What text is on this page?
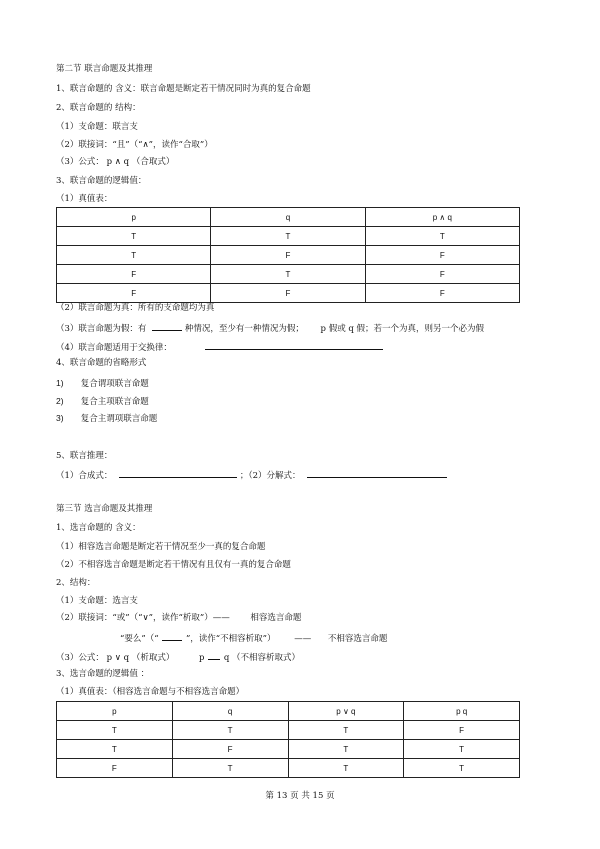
第二节 联言命题及其推理
1、联言命题的 含义：联言命题是断定若干情况同时为真的复合命题
2、联言命题的 结构：
（1）支命题：联言支
（2）联接词：“且”（“∧”，读作“合取”）
（3）公式： p ∧ q （合取式）
3、联言命题的逻辑值：
（1）真值表：
p	q	p ∧ q
T	T	T
T	F	F
F	T	F
F	F	F
（2）联言命题为真：所有的支命题均为真
（3）联言命题为假：有	种情况，至少有一种情况为假； p 假或 q 假；若一个为真，则另一个必为假
（4）联言命题适用于交换律：
4、联言命题的省略形式
1) 复合谓项联言命题
2) 复合主项联言命题
3) 复合主谓项联言命题
5、联言推理：
（1）合成式：	；（2）分解式：
第三节 选言命题及其推理
1、选言命题的 含义：
（1）相容选言命题是断定若干情况至少一真的复合命题
（2）不相容选言命题是断定若干情况有且仅有一真的复合命题
2、结构：
（1）支命题：选言支
（2）联接词：“或”（“∨”，读作“析取”）—— 相容选言命题
“要么”（“	”，读作“不相容析取”） —— 不相容选言命题
（3）公式： p ∨ q （析取式）	p q （不相容析取式）
3、选言命题的逻辑值 ：
（1）真值表：（相容选言命题与不相容选言命题）
p	q	p ∨ q	p q
T	T	T	F
T	F	T	T
F	T	T	T
第 13 页 共 15 页
